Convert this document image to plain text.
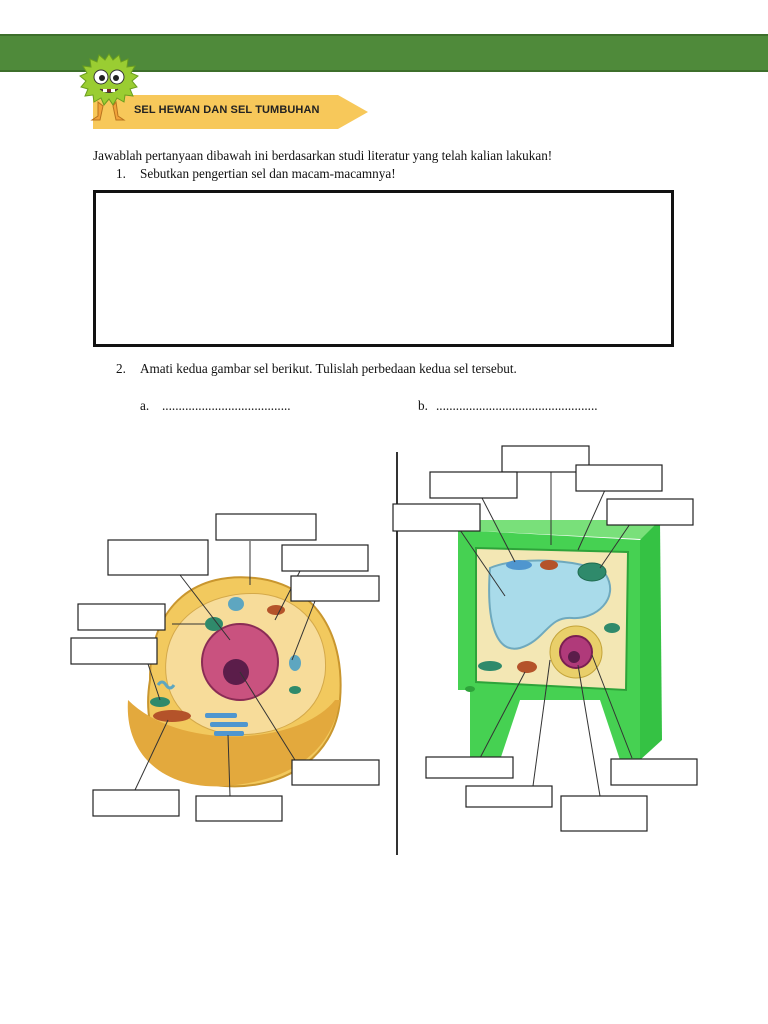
SEL HEWAN DAN SEL TUMBUHAN
Jawablah pertanyaan dibawah ini berdasarkan studi literatur yang telah kalian lakukan!
1. Sebutkan pengertian sel dan macam-macamnya!
2. Amati kedua gambar sel berikut. Tulislah perbedaan kedua sel tersebut.
a. .......................................	b. .................................................
